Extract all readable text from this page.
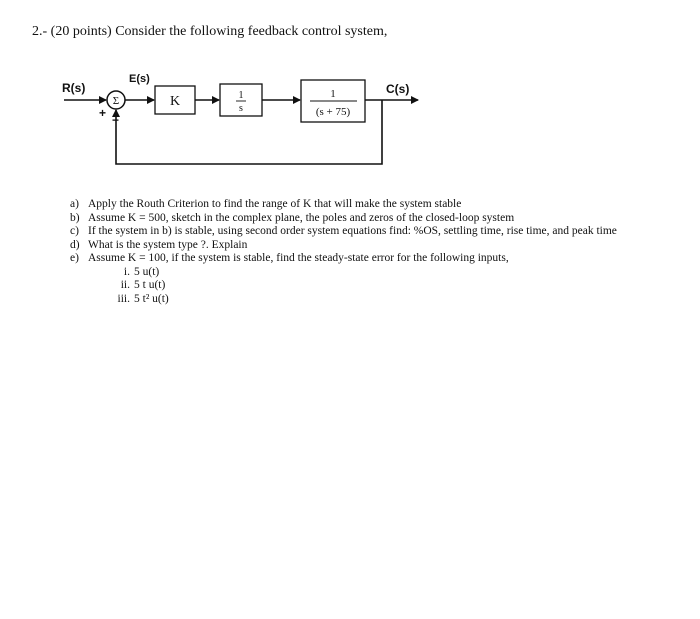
2.- (20 points) Consider the following feedback control system,
R(s)
Σ
+ −
E(s)
K	1
s
1
(s + 75)
C(s)
a) Apply the Routh Criterion to find the range of K that will make the system stable
b) Assume K = 500, sketch in the complex plane, the poles and zeros of the closed-loop system
c) If the system in b) is stable, using second order system equations find: %OS, settling time, rise time, and peak time
d) What is the system type ?. Explain
e) Assume K = 100, if the system is stable, find the steady-state error for the following inputs,
i. 5 u(t)
ii. 5 t u(t)
iii. 5 t² u(t)
